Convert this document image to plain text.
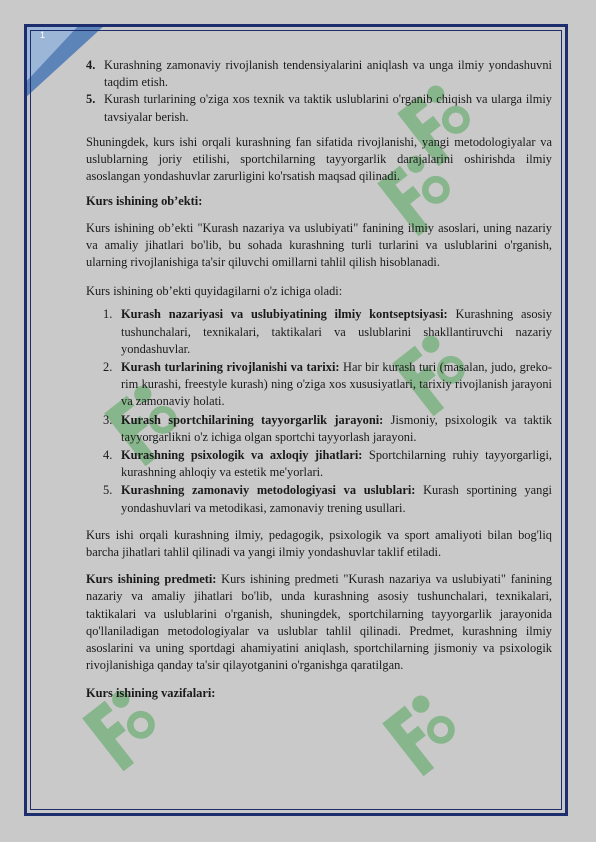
1
4. Kurashning zamonaviy rivojlanish tendensiyalarini aniqlash va unga ilmiy yondashuvni taqdim etish.
5. Kurash turlarining o'ziga xos texnik va taktik uslublarini o'rganib chiqish va ularga ilmiy tavsiyalar berish.

Shuningdek, kurs ishi orqali kurashning fan sifatida rivojlanishi, yangi metodologiyalar va uslublarning joriy etilishi, sportchilarning tayyorgarlik darajalarini oshirishda ilmiy asoslangan yondashuvlar zarurligini ko'rsatish maqsad qilinadi.

Kurs ishining ob’ekti:

Kurs ishining ob’ekti "Kurash nazariya va uslubiyati" fanining ilmiy asoslari, uning nazariy va amaliy jihatlari bo'lib, bu sohada kurashning turli turlarini va uslublarini o'rganish, ularning rivojlanishiga ta'sir qiluvchi omillarni tahlil qilish hisoblanadi.

Kurs ishining ob’ekti quyidagilarni o'z ichiga oladi:

1. Kurash nazariyasi va uslubiyatining ilmiy kontseptsiyasi: Kurashning asosiy tushunchalari, texnikalari, taktikalari va uslublarini shakllantiruvchi nazariy yondashuvlar.
2. Kurash turlarining rivojlanishi va tarixi: Har bir kurash turi (masalan, judo, greko-rim kurashi, freestyle kurash) ning o'ziga xos xususiyatlari, tarixiy rivojlanish jarayoni va zamonaviy holati.
3. Kurash sportchilarining tayyorgarlik jarayoni: Jismoniy, psixologik va taktik tayyorgarlikni o'z ichiga olgan sportchi tayyorlash jarayoni.
4. Kurashning psixologik va axloqiy jihatlari: Sportchilarning ruhiy tayyorgarligi, kurashning ahloqiy va estetik me'yorlari.
5. Kurashning zamonaviy metodologiyasi va uslublari: Kurash sportining yangi yondashuvlari va metodikasi, zamonaviy trening usullari.

Kurs ishi orqali kurashning ilmiy, pedagogik, psixologik va sport amaliyoti bilan bog'liq barcha jihatlari tahlil qilinadi va yangi ilmiy yondashuvlar taklif etiladi.

Kurs ishining predmeti: Kurs ishining predmeti "Kurash nazariya va uslubiyati" fanining nazariy va amaliy jihatlari bo'lib, unda kurashning asosiy tushunchalari, texnikalari, taktikalari va uslublarini o'rganish, shuningdek, sportchilarning tayyorgarlik jarayonida qo'llaniladigan metodologiyalar va uslublar tahlil qilinadi. Predmet, kurashning ilmiy asoslarini va uning sportdagi ahamiyatini aniqlash, sportchilarning jismoniy va psixologik rivojlanishiga qanday ta'sir qilayotganini o'rganishga qaratilgan.

Kurs ishining vazifalari:
